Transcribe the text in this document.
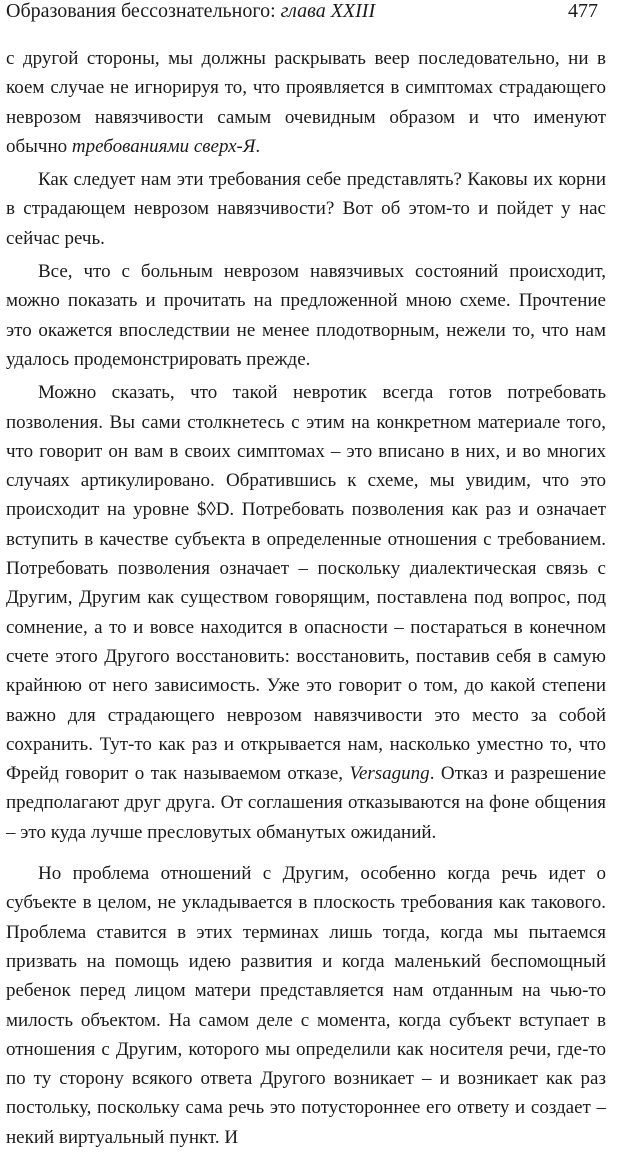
Образования бессознательного: глава XXIII	477

с другой стороны, мы должны раскрывать веер последовательно, ни в коем случае не игнорируя то, что проявляется в симптомах страдающего неврозом навязчивости самым очевидным образом и что именуют обычно требованиями сверх-Я.

Как следует нам эти требования себе представлять? Каковы их корни в страдающем неврозом навязчивости? Вот об этом-то и пойдет у нас сейчас речь.

Все, что с больным неврозом навязчивых состояний происходит, можно показать и прочитать на предложенной мною схеме. Прочтение это окажется впоследствии не менее плодотворным, нежели то, что нам удалось продемонстрировать прежде.

Можно сказать, что такой невротик всегда готов потребовать позволения. Вы сами столкнетесь с этим на конкретном материале того, что говорит он вам в своих симптомах – это вписано в них, и во многих случаях артикулировано. Обратившись к схеме, мы увидим, что это происходит на уровне $◊D. Потребовать позволения как раз и означает вступить в качестве субъекта в определенные отношения с требованием. Потребовать позволения означает – поскольку диалектическая связь с Другим, Другим как существом говорящим, поставлена под вопрос, под сомнение, а то и вовсе находится в опасности – постараться в конечном счете этого Другого восстановить: восстановить, поставив себя в самую крайнюю от него зависимость. Уже это говорит о том, до какой степени важно для страдающего неврозом навязчивости это место за собой сохранить. Тут-то как раз и открывается нам, насколько уместно то, что Фрейд говорит о так называемом отказе, Versagung. Отказ и разрешение предполагают друг друга. От соглашения отказываются на фоне общения – это куда лучше пресловутых обманутых ожиданий.

Но проблема отношений с Другим, особенно когда речь идет о субъекте в целом, не укладывается в плоскость требования как такового. Проблема ставится в этих терминах лишь тогда, когда мы пытаемся призвать на помощь идею развития и когда маленький беспомощный ребенок перед лицом матери представляется нам отданным на чью-то милость объектом. На самом деле с момента, когда субъект вступает в отношения с Другим, которого мы определили как носителя речи, где-то по ту сторону всякого ответа Другого возникает – и возникает как раз постольку, поскольку сама речь это потустороннее его ответу и создает – некий виртуальный пункт. И
